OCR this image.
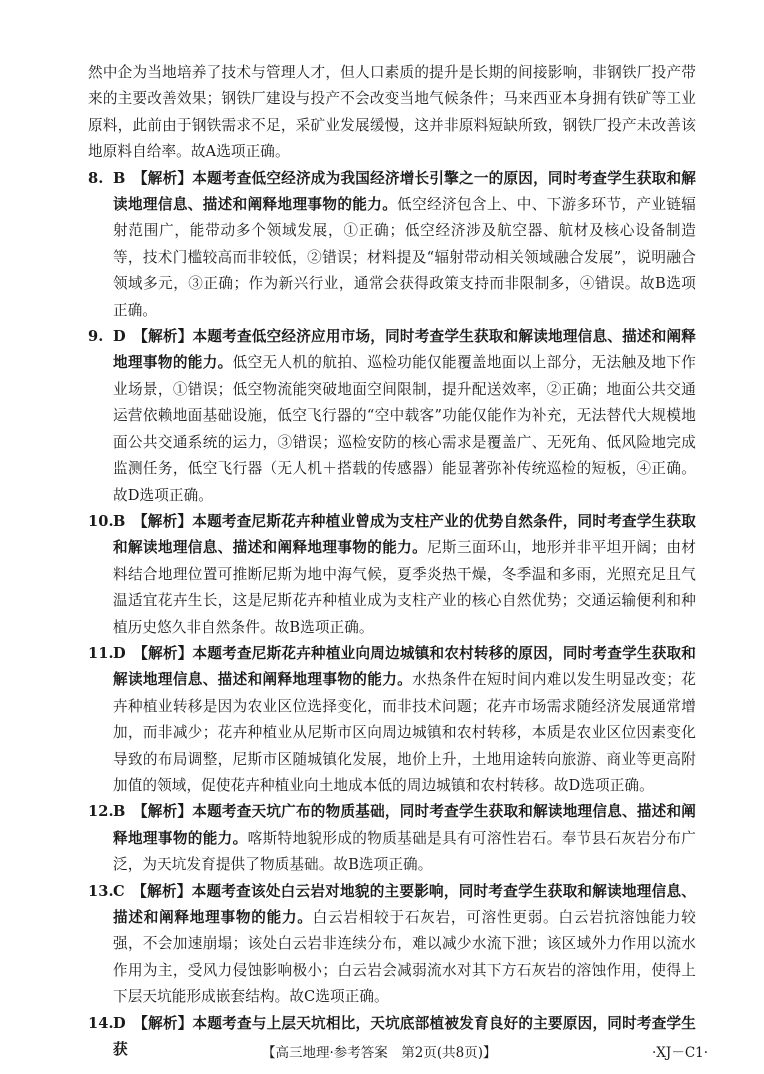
然中企为当地培养了技术与管理人才，但人口素质的提升是长期的间接影响，非钢铁厂投产带来的主要改善效果；钢铁厂建设与投产不会改变当地气候条件；马来西亚本身拥有铁矿等工业原料，此前由于钢铁需求不足，采矿业发展缓慢，这并非原料短缺所致，钢铁厂投产未改善该地原料自给率。故A选项正确。

8. B  【解析】本题考查低空经济成为我国经济增长引擎之一的原因，同时考查学生获取和解读地理信息、描述和阐释地理事物的能力。低空经济包含上、中、下游多环节，产业链辐射范围广，能带动多个领域发展，①正确；低空经济涉及航空器、航材及核心设备制造等，技术门槛较高而非较低，②错误；材料提及“辐射带动相关领域融合发展”，说明融合领域多元，③正确；作为新兴行业，通常会获得政策支持而非限制多，④错误。故B选项正确。

9. D  【解析】本题考查低空经济应用市场，同时考查学生获取和解读地理信息、描述和阐释地理事物的能力。低空无人机的航拍、巡检功能仅能覆盖地面以上部分，无法触及地下作业场景，①错误；低空物流能突破地面空间限制，提升配送效率，②正确；地面公共交通运营依赖地面基础设施，低空飞行器的“空中载客”功能仅能作为补充，无法替代大规模地面公共交通系统的运力，③错误；巡检安防的核心需求是覆盖广、无死角、低风险地完成监测任务，低空飞行器（无人机＋搭载的传感器）能显著弥补传统巡检的短板，④正确。故D选项正确。

10. B  【解析】本题考查尼斯花卉种植业曾成为支柱产业的优势自然条件，同时考查学生获取和解读地理信息、描述和阐释地理事物的能力。尼斯三面环山，地形并非平坦开阔；由材料结合地理位置可推断尼斯为地中海气候，夏季炎热干燥，冬季温和多雨，光照充足且气温适宜花卉生长，这是尼斯花卉种植业成为支柱产业的核心自然优势；交通运输便利和种植历史悠久非自然条件。故B选项正确。

11. D  【解析】本题考查尼斯花卉种植业向周边城镇和农村转移的原因，同时考查学生获取和解读地理信息、描述和阐释地理事物的能力。水热条件在短时间内难以发生明显改变；花卉种植业转移是因为农业区位选择变化，而非技术问题；花卉市场需求随经济发展通常增加，而非减少；花卉种植业从尼斯市区向周边城镇和农村转移，本质是农业区位因素变化导致的布局调整，尼斯市区随城镇化发展，地价上升，土地用途转向旅游、商业等更高附加值的领域，促使花卉种植业向土地成本低的周边城镇和农村转移。故D选项正确。

12. B  【解析】本题考查天坑广布的物质基础，同时考查学生获取和解读地理信息、描述和阐释地理事物的能力。喀斯特地貌形成的物质基础是具有可溶性岩石。奉节县石灰岩分布广泛，为天坑发育提供了物质基础。故B选项正确。

13. C  【解析】本题考查该处白云岩对地貌的主要影响，同时考查学生获取和解读地理信息、描述和阐释地理事物的能力。白云岩相较于石灰岩，可溶性更弱。白云岩抗溶蚀能力较强，不会加速崩塌；该处白云岩非连续分布，难以减少水流下泄；该区域外力作用以流水作用为主，受风力侵蚀影响极小；白云岩会减弱流水对其下方石灰岩的溶蚀作用，使得上下层天坑能形成嵌套结构。故C选项正确。

14. D  【解析】本题考查与上层天坑相比，天坑底部植被发育良好的主要原因，同时考查学生获	【高三地理·参考答案　第2页(共8页)】	·XJ－C1·
